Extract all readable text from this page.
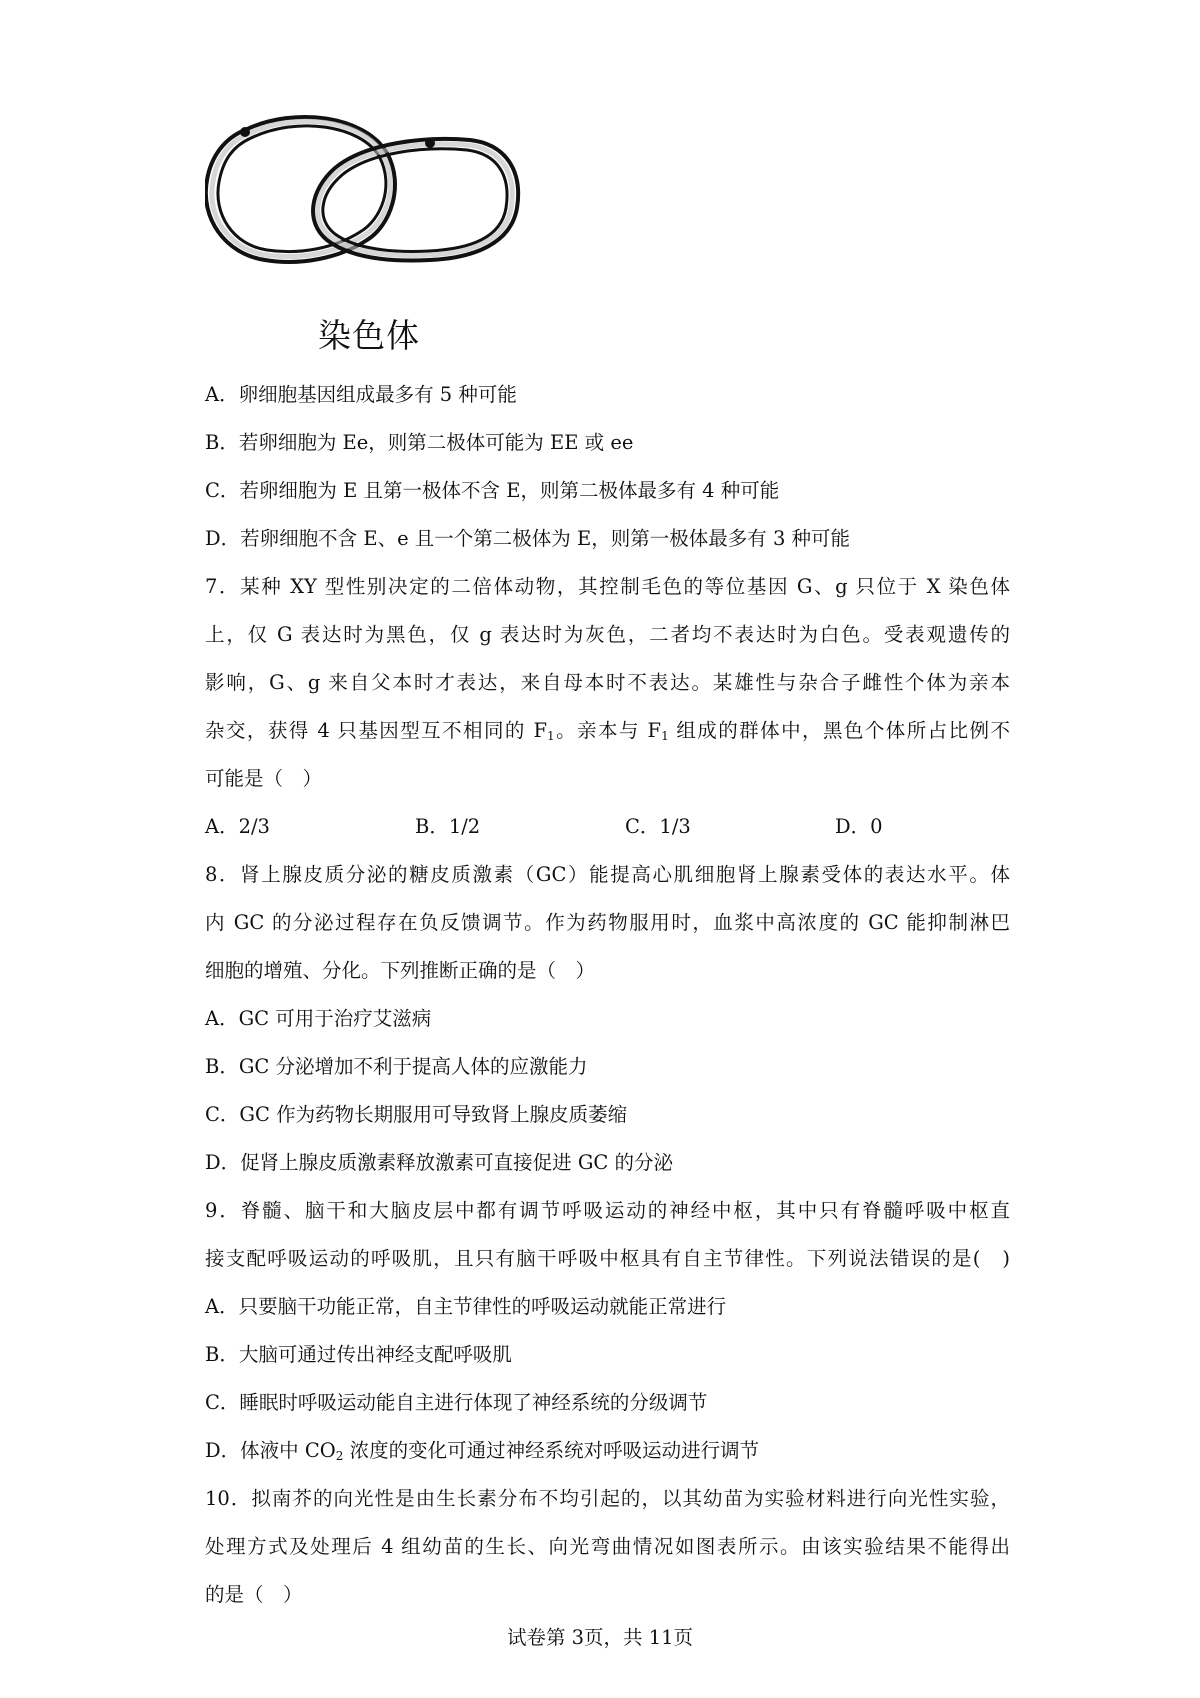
染色体
A．卵细胞基因组成最多有 5 种可能
B．若卵细胞为 Ee，则第二极体可能为 EE 或 ee
C．若卵细胞为 E 且第一极体不含 E，则第二极体最多有 4 种可能
D．若卵细胞不含 E、e 且一个第二极体为 E，则第一极体最多有 3 种可能
7．某种 XY 型性别决定的二倍体动物，其控制毛色的等位基因 G、g 只位于 X 染色体
上，仅 G 表达时为黑色，仅 g 表达时为灰色，二者均不表达时为白色。受表观遗传的
影响，G、g 来自父本时才表达，来自母本时不表达。某雄性与杂合子雌性个体为亲本
杂交，获得 4 只基因型互不相同的 $F_1$。亲本与 $F_1$ 组成的群体中，黑色个体所占比例不
可能是（　）
A．2/3	B．1/2	C．1/3	D．0
8．肾上腺皮质分泌的糖皮质激素（GC）能提高心肌细胞肾上腺素受体的表达水平。体
内 GC 的分泌过程存在负反馈调节。作为药物服用时，血浆中高浓度的 GC 能抑制淋巴
细胞的增殖、分化。下列推断正确的是（　）
A．GC 可用于治疗艾滋病
B．GC 分泌增加不利于提高人体的应激能力
C．GC 作为药物长期服用可导致肾上腺皮质萎缩
D．促肾上腺皮质激素释放激素可直接促进 GC 的分泌
9．脊髓、脑干和大脑皮层中都有调节呼吸运动的神经中枢，其中只有脊髓呼吸中枢直
接支配呼吸运动的呼吸肌，且只有脑干呼吸中枢具有自主节律性。下列说法错误的是(　)
A．只要脑干功能正常，自主节律性的呼吸运动就能正常进行
B．大脑可通过传出神经支配呼吸肌
C．睡眠时呼吸运动能自主进行体现了神经系统的分级调节
D．体液中 $CO_2$ 浓度的变化可通过神经系统对呼吸运动进行调节
10．拟南芥的向光性是由生长素分布不均引起的，以其幼苗为实验材料进行向光性实验，
处理方式及处理后 4 组幼苗的生长、向光弯曲情况如图表所示。由该实验结果不能得出
的是（　）
试卷第 3页，共 11页
